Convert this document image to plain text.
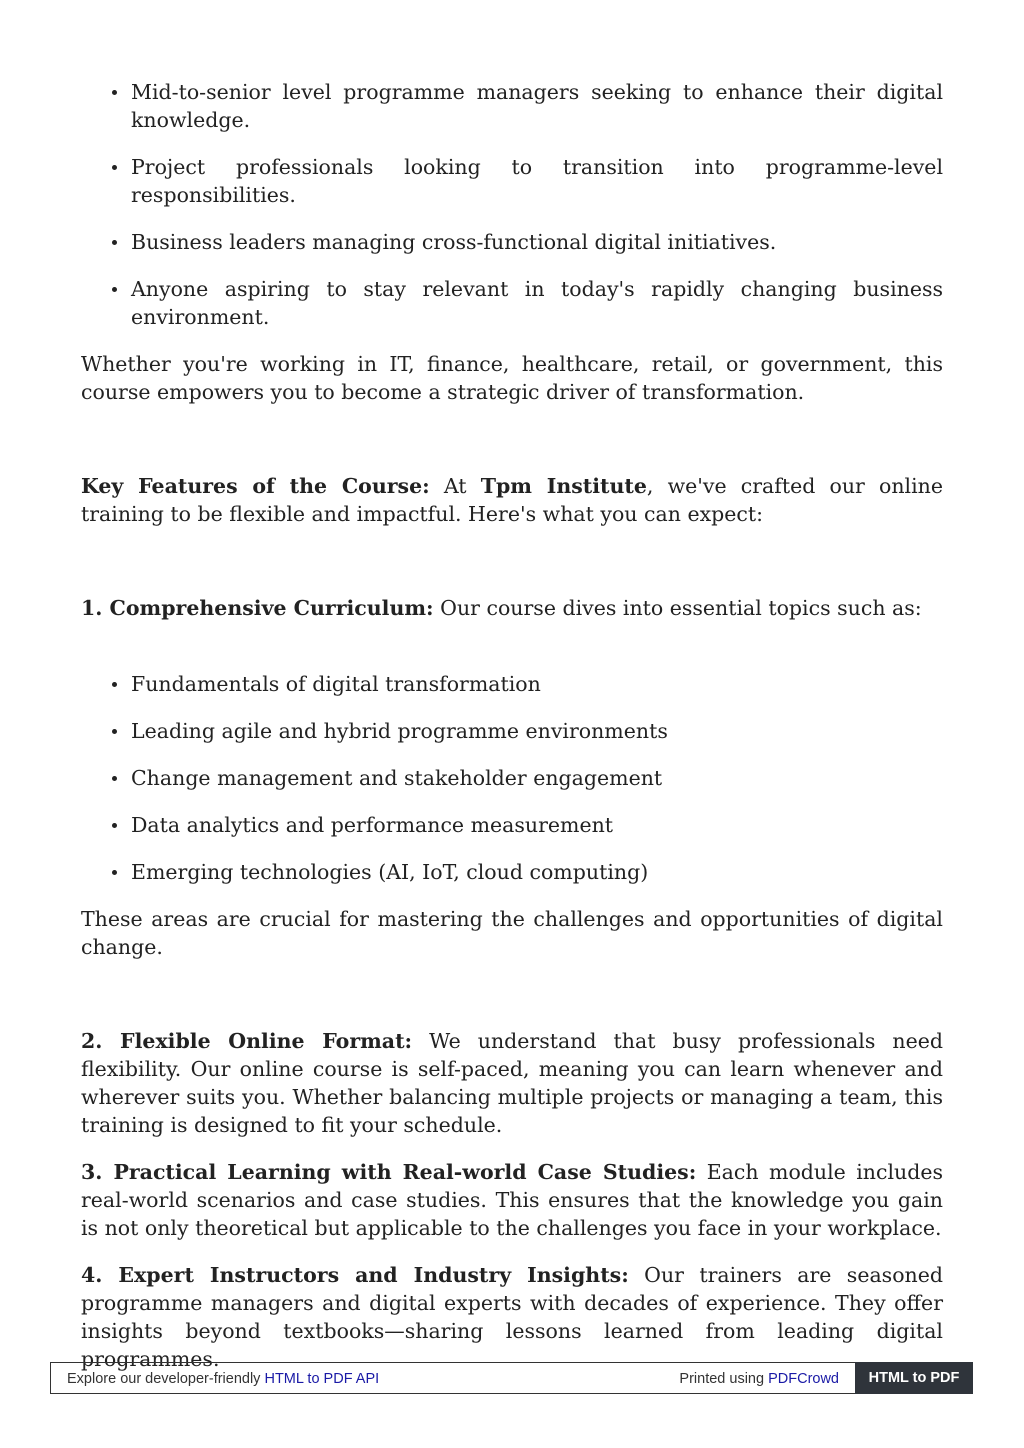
Mid-to-senior level programme managers seeking to enhance their digital knowledge.
Project professionals looking to transition into programme-level responsibilities.
Business leaders managing cross-functional digital initiatives.
Anyone aspiring to stay relevant in today's rapidly changing business environment.

Whether you're working in IT, finance, healthcare, retail, or government, this course empowers you to become a strategic driver of transformation.

Key Features of the Course: At Tpm Institute, we've crafted our online training to be flexible and impactful. Here's what you can expect:

1. Comprehensive Curriculum: Our course dives into essential topics such as:

Fundamentals of digital transformation
Leading agile and hybrid programme environments
Change management and stakeholder engagement
Data analytics and performance measurement
Emerging technologies (AI, IoT, cloud computing)

These areas are crucial for mastering the challenges and opportunities of digital change.

2. Flexible Online Format: We understand that busy professionals need flexibility. Our online course is self-paced, meaning you can learn whenever and wherever suits you. Whether balancing multiple projects or managing a team, this training is designed to fit your schedule.

3. Practical Learning with Real-world Case Studies: Each module includes real-world scenarios and case studies. This ensures that the knowledge you gain is not only theoretical but applicable to the challenges you face in your workplace.

4. Expert Instructors and Industry Insights: Our trainers are seasoned programme managers and digital experts with decades of experience. They offer insights beyond textbooks—sharing lessons learned from leading digital programmes.

Explore our developer-friendly HTML to PDF API	Printed using PDFCrowd	HTML to PDF
